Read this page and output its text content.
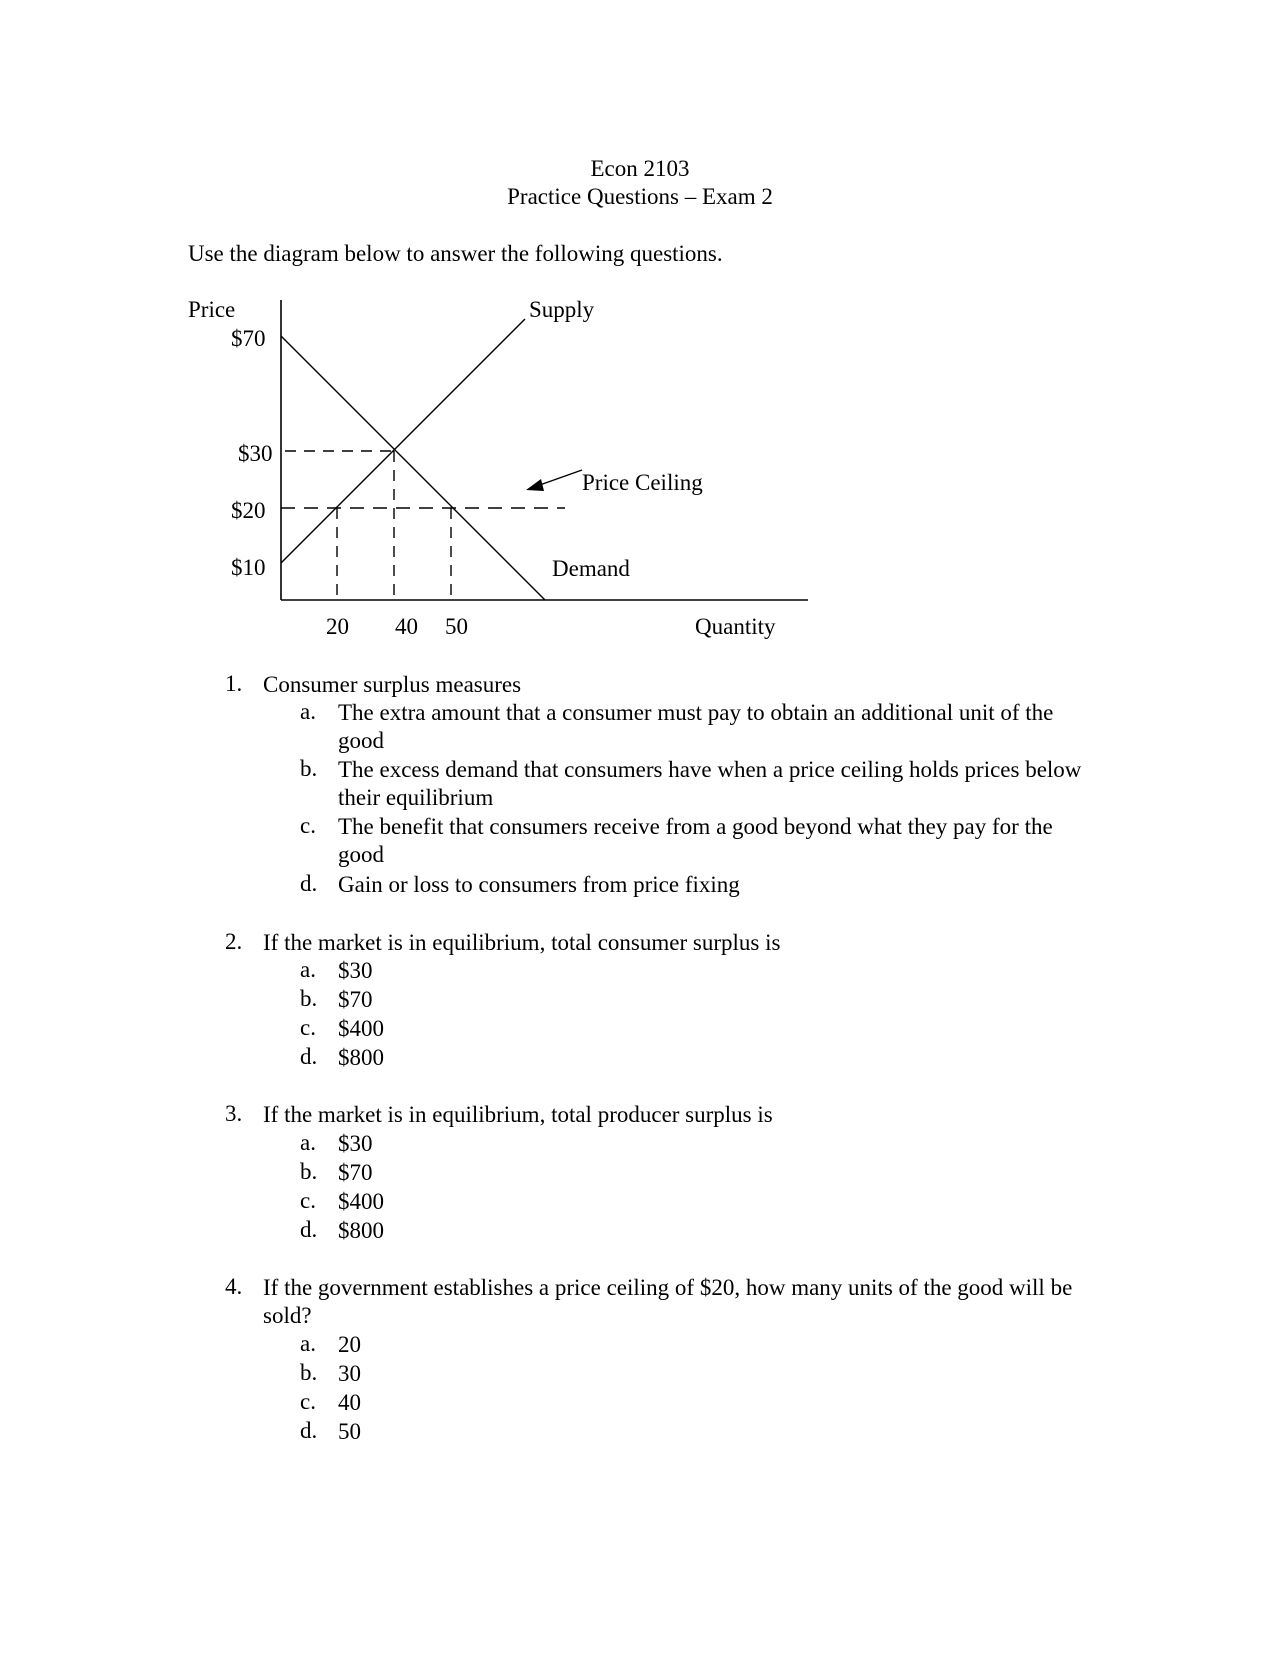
Econ 2103
Practice Questions – Exam 2
Use the diagram below to answer the following questions.
Price
$70
$30
$20
$10
20 40 50	Quantity
Supply
Price Ceiling
Demand
1. Consumer surplus measures
a. The extra amount that a consumer must pay to obtain an additional unit of the good
b. The excess demand that consumers have when a price ceiling holds prices below their equilibrium
c. The benefit that consumers receive from a good beyond what they pay for the good
d. Gain or loss to consumers from price fixing
2. If the market is in equilibrium, total consumer surplus is
a. $30
b. $70
c. $400
d. $800
3. If the market is in equilibrium, total producer surplus is
a. $30
b. $70
c. $400
d. $800
4. If the government establishes a price ceiling of $20, how many units of the good will be sold?
a. 20
b. 30
c. 40
d. 50
